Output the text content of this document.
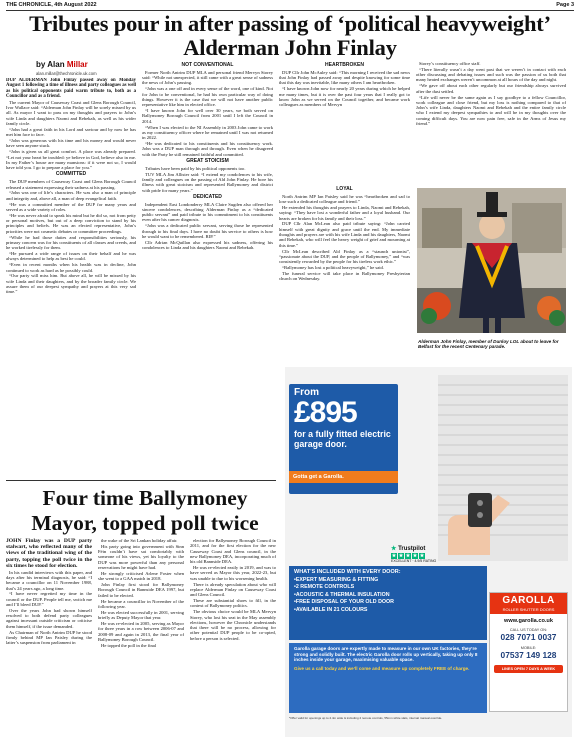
THE CHRONICLE, 4th August 2022	Page 3
Tributes pour in after passing of ‘political heavyweight’ Alderman John Finlay
by Alan Millar
alan.millar@thechronicle.uk.com

DUP ALDERMAN John Finlay passed away on Monday August 1 following a time of illness and party colleagues as well as his political opponents paid warm tribute to, both as a Councillor and as a friend.

The current Mayor of Causeway Coast and Glens Borough Council, Ivor Wallace said: “Alderman John Finlay will be sorely missed by us all. As mayor I want to pass on my thoughts and prayers to John’s wife Linda and daughters Naomi and Rebekah, as well as his wider family circle.

“John had a great faith in his Lord and saviour and by now he has met him face to face.

“John was generous with his time and his money and would never have seen anyone stuck.

“John is given us all great comfort. A place was already prepared. “Let not your heart be troubled: ye believe in God, believe also in me. In my Father’s house are many mansions: if it were not so, I would have told you. I go to prepare a place for you.”

COMMITTED

The DUP members of Causeway Coast and Glens Borough Council released a statement expressing their sadness at his passing.

“John was one of life’s characters. He was also a man of principle and integrity and, above all, a man of deep evangelical faith.

“He was a committed member of the DUP for many years and served as a wide variety of roles.

“He was never afraid to speak his mind but he did so, not from petty or personal motives, but out of a deep conviction to stand by his principles and beliefs. He was an elected representative, John’s priorities were not cosmetic debates or committee proceedings.

“While he had those duties and responsibilities seriously, his primary concern was for his constituents of all classes and creeds, and he worked tirelessly for them.

“He pursued a wide range of issues on their behalf and he was always determined to help as best he could.

“Even in recent months when his health was in decline, John continued to work as hard as he possibly could.

“Our party will miss him. But above all, he will be missed by his wife Linda and their daughters, and by the broader family circle. We assure them of our deepest sympathy and prayers at this very sad time.”

NOT CONVENTIONAL

Former North Antrim DUP MLA and personal friend Mervyn Storey said: “While not unexpected, it still came with a great sense of sadness the news of John’s passing.

“John was a one off and in every sense of the word, one of kind. Not for John to be conventional, he had his own particular way of doing things. However it is the case that we will not have another public representative like him in elected office.

“I have known John for well over 30 years, we both served on Ballymoney Borough Council from 2001 until I left the Council in 2014.

“When I was elected to the NI Assembly in 2003 John came to work as my constituency officer where he remained until I was not returned in 2022.

“He was dedicated to his constituents and his constituency work. John was a DUP man through and through. Even when he disagreed with the Party he still remained faithful and committed.

GREAT STOICISM

Tributes have been paid by his political opponents too.

TUV MLA Jim Allister said: “I extend my condolences to his wife, family and colleagues on the passing of Ald John Finlay. He bore his illness with great stoicism and represented Ballymoney and district with pride for many years.”

DEDICATED

Independent East Londonderry MLA Claire Sugden also offered her sincere condolences, describing Alderman Finlay as a “dedicated public servant” and paid tribute to his commitment to his constituents even after his cancer diagnosis.

“John was a dedicated public servant, serving those he represented through to his final days. I have no doubt his service to others is how he would want to be remembered. RIP.”

Cllr Adrian McQuillan also expressed his sadness, offering his condolences to Linda and his daughters Naomi and Rebekah.

HEARTBROKEN

DUP Cllr John McAuley said: “This morning I received the sad news that John Finlay had passed away and despite knowing for some time that this day was inevitable, like many others I am heartbroken.

“I have known John now for nearly 20 years during which he helped me many times, but it is over the past four years that I really got to know John as we served on the Council together, and became work colleagues as members of Mervyn

Storey’s constituency office staff.

“There literally wasn’t a day went past that we weren’t in contact with each other discussing and debating issues and such was the passion of us both that many heated exchanges weren’t uncommon at all hours of the day and night.

“We gave off about each other regularly but our friendship always survived after the dust settled.

“Life will never be the same again as I say goodbye to a fellow Councillor, work colleague and close friend, but my loss is nothing compared to that of John’s wife Linda, daughters Naomi and Rebekah and the entire family circle who I extend my deepest sympathies to and will be in my thoughts over the coming difficult days. You are now pain free, safe in the Arms of Jesus my friend.”

Alderman John Finlay, member of Dunloy LOL about to leave for Belfast for the recent Centenary parade.
LOYAL

North Antrim MP Ian Paisley said he was “heartbroken and sad to lose such a dedicated colleague and friend.”

He extended his thoughts and prayers to Linda, Naomi and Rebekah, saying: “They have lost a wonderful father and a loyal husband. Our hearts are broken for his family and their loss.”

DUP Cllr Alan McLean also paid tribute saying: “John carried himself with great dignity and grace until the end. My immediate thoughts and prayers are with his wife Linda and his daughters, Naomi and Rebekah, who will feel the heavy weight of grief and mourning at this time.”

Cllr McLean described Ald Finlay as a “staunch unionist”, “passionate about the DUP, and the people of Ballymoney,” and “was consistently rewarded by the people for his tireless work ethic.”

“Ballymoney has lost a political heavyweight,” he said.

The funeral service will take place in Ballymoney Presbyterian church on Wednesday.

Four time Ballymoney Mayor, topped poll twice

JOHN Finlay was a DUP party stalwart, who reflected many of the views of the traditional wing of the party, topping the poll twice in the six times he stood for election.

In his candid interviews with this paper, and days after his terminal diagnosis, he said: “I became a councillor on 11 November 1988, that’s 24 years ago, a long time.

“I have never regretted my time in the council or the DUP. People tell me, switch me and I’ll bleed DUP.”

Over the years John had shown himself resolved to both defend party colleagues against incessant outside criticism or criticise them himself, if the issue demanded.

As Chairman of North Antrim DUP he stood firmly behind MP Ian Paisley during the latter’s suspension from parliament in

the wake of the Sri Lankan holiday affair.

His party going into government with Sinn Féin couldn’t have sat comfortably with someone of his views, yet his loyalty to the DUP was more powerful than any personal reservations he might have had.

He strongly criticised Arlene Foster when she went to a GAA match in 2018.

John Finlay first stood for Ballymoney Borough Council in Bannside DEA 1997, but failed to be elected.

He became a councillor in November of the following year.

He was elected successfully in 2001, serving briefly as Deputy Mayor that year.

He was re-elected in 2005, serving as Mayor for three years in a row between 2006-07 and 2008-09 and again in 2013, the final year of Ballymoney Borough Council.

He topped the poll in the final

election for Ballymoney Borough Council in 2011, and for the first election for the new Causeway Coast and Glens council, in the new Ballymoney DEA, incorporating much of his old Bannside DEA.

He was re-elected easily in 2019, and was to have served as Mayor this year, 2022-23, but was unable to due to his worsening health.

There is already speculation about who will replace Alderman Finlay on Causeway Coast and Glens Council.

These are substantial shoes to fill, in the context of Ballymoney politics.

The obvious choice would be MLA Mervyn Storey, who lost his seat in the May assembly elections, however the Chronicle understands that there will be no process, allowing for other potential DUP people to be co-opted, before a person is selected.

From
£895
for a fully fitted electric garage door.
Gotta get a Garolla.
★ Trustpilot
★ ★ ★ ★ ★
EXCELLENT · 4.9/5 RATING
WHAT’S INCLUDED WITH EVERY DOOR:
• EXPERT MEASURING & FITTING
• 2 REMOTE CONTROLS
• ACOUSTIC & THERMAL INSULATION
• FREE DISPOSAL OF YOUR OLD DOOR
• AVAILABLE IN 21 COLOURS
Garolla garage doors are expertly made to measure in our own UK factories, they’re strong and solidly built. The electric Garolla door rolls up vertically, taking up only 8 inches inside your garage, maximising valuable space.
Give us a call today and we’ll come and measure up completely FREE of charge.
GAROLLA
ROLLER SHUTTER DOORS
www.garolla.co.uk
CALL US TODAY ON:
028 7071 0037
MOBILE:
07537 149 128
LINES OPEN 7 DAYS A WEEK
*Offer valid for openings up to 2.4m wide & including 2 remote controls, 55mm white slats, internal manual override.
